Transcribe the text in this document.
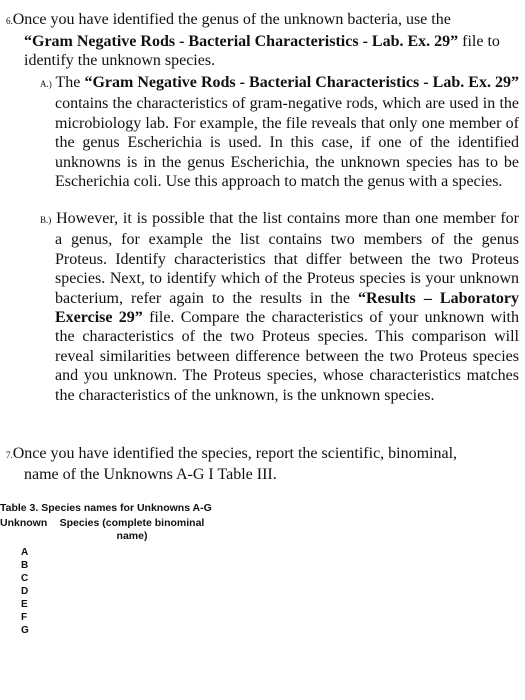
6.Once you have identified the genus of the unknown bacteria, use the
“Gram Negative Rods - Bacterial Characteristics - Lab. Ex. 29” file to identify the unknown species.
A.) The “Gram Negative Rods - Bacterial Characteristics - Lab. Ex. 29” contains the characteristics of gram-negative rods, which are used in the microbiology lab. For example, the file reveals that only one member of the genus Escherichia is used. In this case, if one of the identified unknowns is in the genus Escherichia, the unknown species has to be Escherichia coli. Use this approach to match the genus with a species.
B.) However, it is possible that the list contains more than one member for a genus, for example the list contains two members of the genus Proteus. Identify characteristics that differ between the two Proteus species. Next, to identify which of the Proteus species is your unknown bacterium, refer again to the results in the “Results – Laboratory Exercise 29” file. Compare the characteristics of your unknown with the characteristics of the two Proteus species. This comparison will reveal similarities between difference between the two Proteus species and you unknown. The Proteus species, whose characteristics matches the characteristics of the unknown, is the unknown species.
7.Once you have identified the species, report the scientific, binominal, name of the Unknowns A-G I Table III.
Table 3. Species names for Unknowns A-G
Unknown	Species (complete binominal name)
A
B
C
D
E
F
G
